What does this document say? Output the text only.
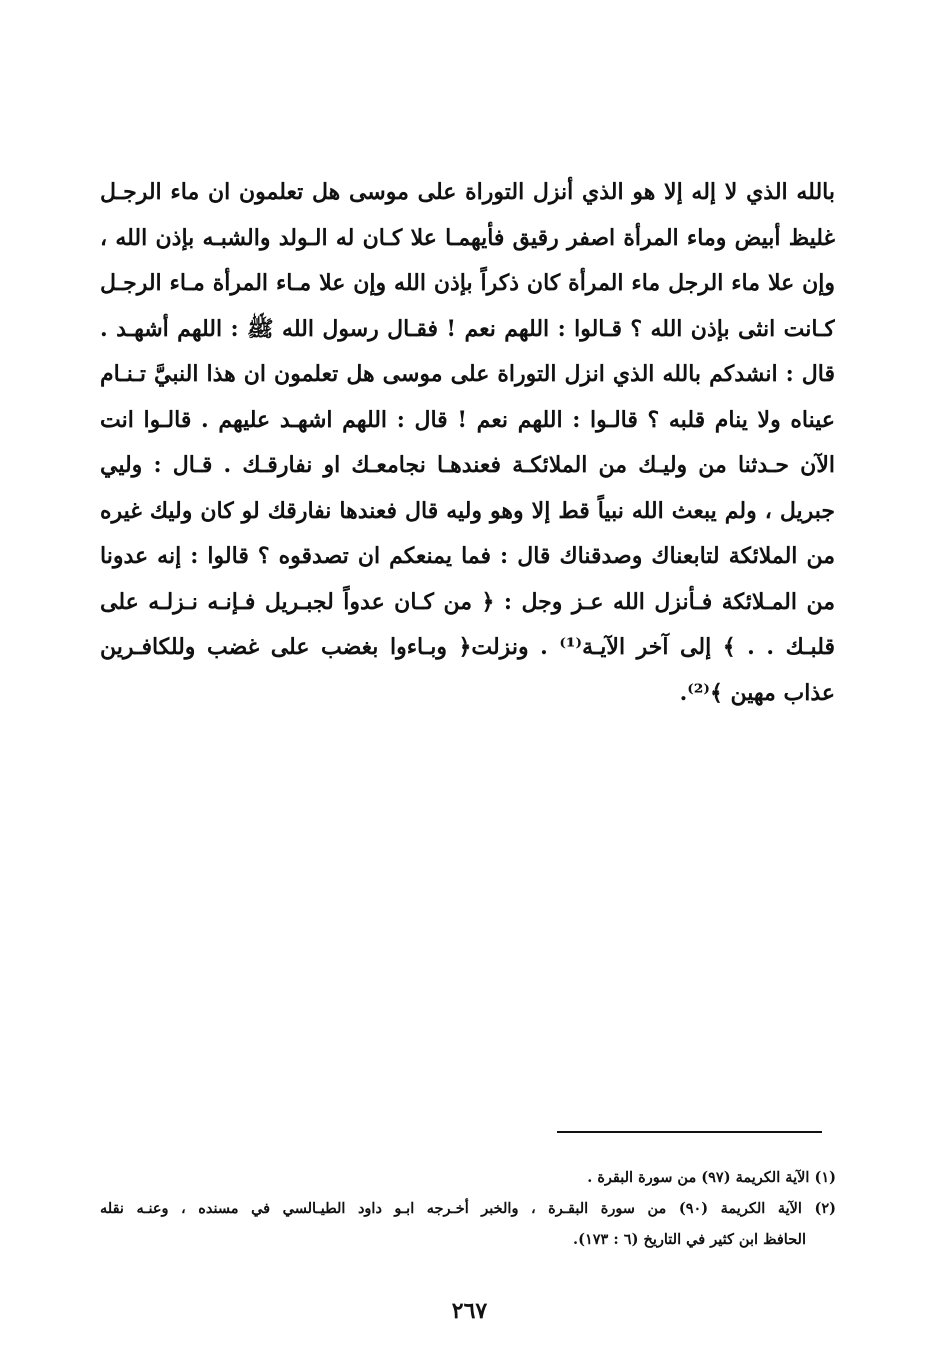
بالله الذي لا إله إلا هو الذي أنزل التوراة على موسى هل تعلمون ان ماء الرجـل
غليظ أبيض وماء المرأة اصفر رقيق فأيهمـا علا كـان له الـولد والشبـه بإذن الله ،
وإن علا ماء الرجل ماء المرأة كان ذكراً بإذن الله وإن علا مـاء المرأة مـاء الرجـل
كـانت انثى بإذن الله ؟ قـالوا : اللهم نعم ! فقـال رسول الله ﷺ : اللهم أشهـد .
قال : انشدكم بالله الذي انزل التوراة على موسى هل تعلمون ان هذا النبيَّ تـنـام
عيناه ولا ينام قلبه ؟ قالـوا : اللهم نعم ! قال : اللهم اشهـد عليهم . قالـوا انت
الآن حـدثنا من وليـك من الملائكـة فعندهـا نجامعـك او نفارقـك . قـال : وليي
جبريل ، ولم يبعث الله نبياً قط إلا وهو وليه قال فعندها نفارقك لو كان وليك غيره
من الملائكة لتابعناك وصدقناك قال : فما يمنعكم ان تصدقوه ؟ قالوا : إنه عدونا
من المـلائكة فـأنزل الله عـز وجل : ﴿ من كـان عدواً لجبـريل فـإنـه نـزلـه على
قلبـك . . ﴾ إلى آخر الآيـة⁽¹⁾ . ونزلت﴿ وبـاءوا بغضب على غضب وللكافـرين
عذاب مهين ﴾⁽²⁾.
(١) الآية الكريمة (٩٧) من سورة البقرة .
(٢) الآية الكريمة (٩٠) من سورة البقـرة ، والخبر أخـرجه ابـو داود الطيـالسي في مسنده ، وعنـه نقله
الحافظ ابن كثير في التاريخ (٦ : ١٧٣).
٢٦٧
